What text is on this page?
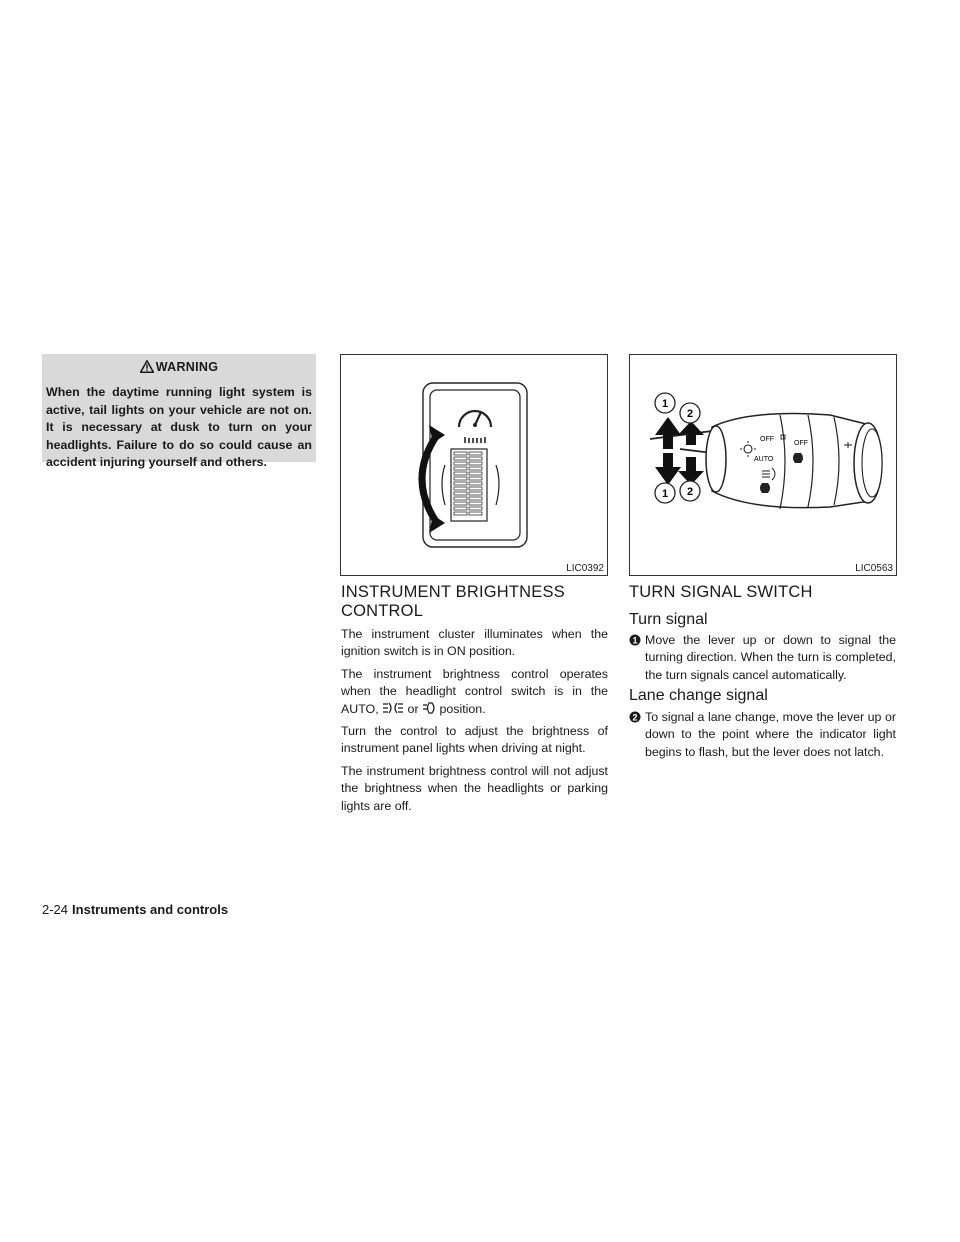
WARNING
When the daytime running light system is active, tail lights on your vehicle are not on. It is necessary at dusk to turn on your headlights. Failure to do so could cause an accident injuring yourself and others.
LIC0392
1
2
1 2
OFF
AUTO
OFF
LIC0563
INSTRUMENT BRIGHTNESS
CONTROL

The instrument cluster illuminates when the ignition switch is in ON position.

The instrument brightness control operates when the headlight control switch is in the AUTO, or position.

Turn the control to adjust the brightness of instrument panel lights when driving at night.

The instrument brightness control will not adjust the brightness when the headlights or parking lights are off.

TURN SIGNAL SWITCH
Turn signal
1 Move the lever up or down to signal the turning direction. When the turn is completed, the turn signals cancel automatically.
Lane change signal
2 To signal a lane change, move the lever up or down to the point where the indicator light begins to flash, but the lever does not latch.
2-24 Instruments and controls
